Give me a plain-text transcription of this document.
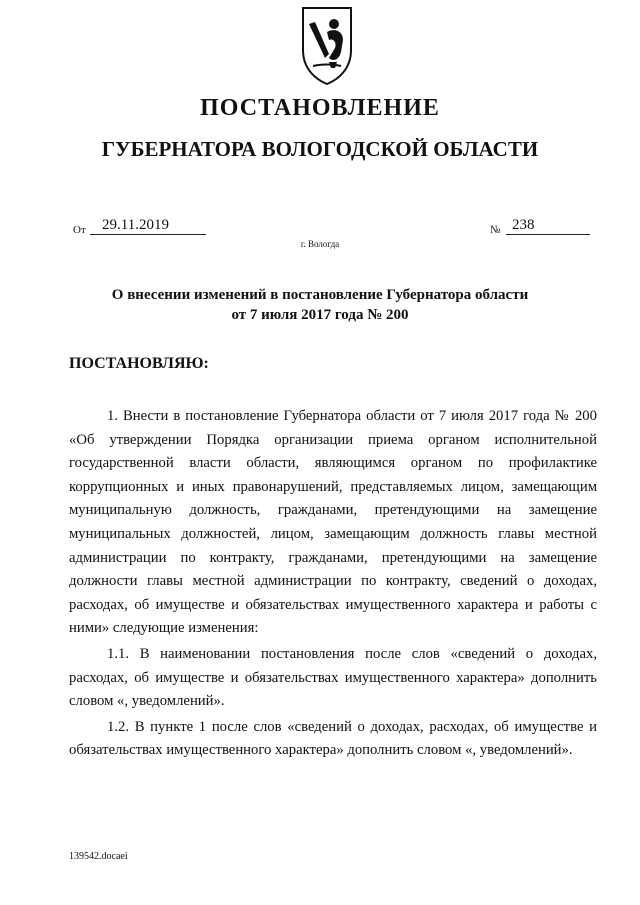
ПОСТАНОВЛЕНИЕ
ГУБЕРНАТОРА ВОЛОГОДСКОЙ ОБЛАСТИ
От	29.11.2019	№ 238
г. Вологда
О внесении изменений в постановление Губернатора области
от 7 июля 2017 года № 200
ПОСТАНОВЛЯЮ:

1. Внести в постановление Губернатора области от 7 июля 2017 года № 200 «Об утверждении Порядка организации приема органом исполнительной государственной власти области, являющимся органом по профилактике коррупционных и иных правонарушений, представляемых лицом, замещающим муниципальную должность, гражданами, претендующими на замещение муниципальных должностей, лицом, замещающим должность главы местной администрации по контракту, гражданами, претендующими на замещение должности главы местной администрации по контракту, сведений о доходах, расходах, об имуществе и обязательствах имущественного характера и работы с ними» следующие изменения:

1.1. В наименовании постановления после слов «сведений о доходах, расходах, об имуществе и обязательствах имущественного характера» дополнить словом «, уведомлений».

1.2. В пункте 1 после слов «сведений о доходах, расходах, об имуществе и обязательствах имущественного характера» дополнить словом «, уведомлений».

139542.docaei
